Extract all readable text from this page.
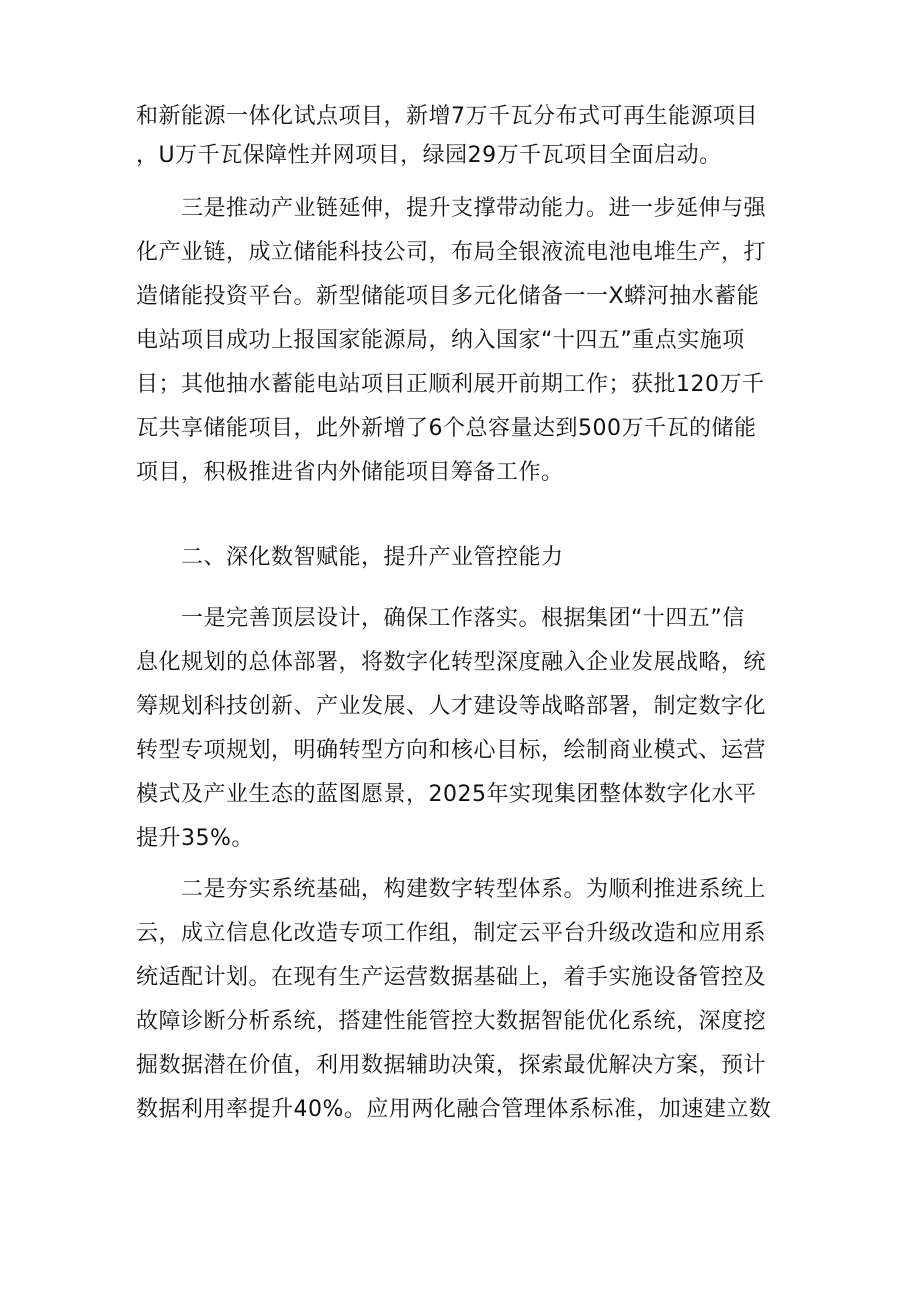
和新能源一体化试点项目，新增7万千瓦分布式可再生能源项目
，U万千瓦保障性并网项目，绿园29万千瓦项目全面启动。
　　三是推动产业链延伸，提升支撑带动能力。进一步延伸与强
化产业链，成立储能科技公司，布局全银液流电池电堆生产，打
造储能投资平台。新型储能项目多元化储备一一X蟒河抽水蓄能
电站项目成功上报国家能源局，纳入国家“十四五”重点实施项
目；其他抽水蓄能电站项目正顺利展开前期工作；获批120万千
瓦共享储能项目，此外新增了6个总容量达到500万千瓦的储能
项目，积极推进省内外储能项目筹备工作。
　　二、深化数智赋能，提升产业管控能力
　　一是完善顶层设计，确保工作落实。根据集团“十四五”信
息化规划的总体部署，将数字化转型深度融入企业发展战略，统
筹规划科技创新、产业发展、人才建设等战略部署，制定数字化
转型专项规划，明确转型方向和核心目标，绘制商业模式、运营
模式及产业生态的蓝图愿景，2025年实现集团整体数字化水平
提升35%。
　　二是夯实系统基础，构建数字转型体系。为顺利推进系统上
云，成立信息化改造专项工作组，制定云平台升级改造和应用系
统适配计划。在现有生产运营数据基础上，着手实施设备管控及
故障诊断分析系统，搭建性能管控大数据智能优化系统，深度挖
掘数据潜在价值，利用数据辅助决策，探索最优解决方案，预计
数据利用率提升40%。应用两化融合管理体系标准，加速建立数
